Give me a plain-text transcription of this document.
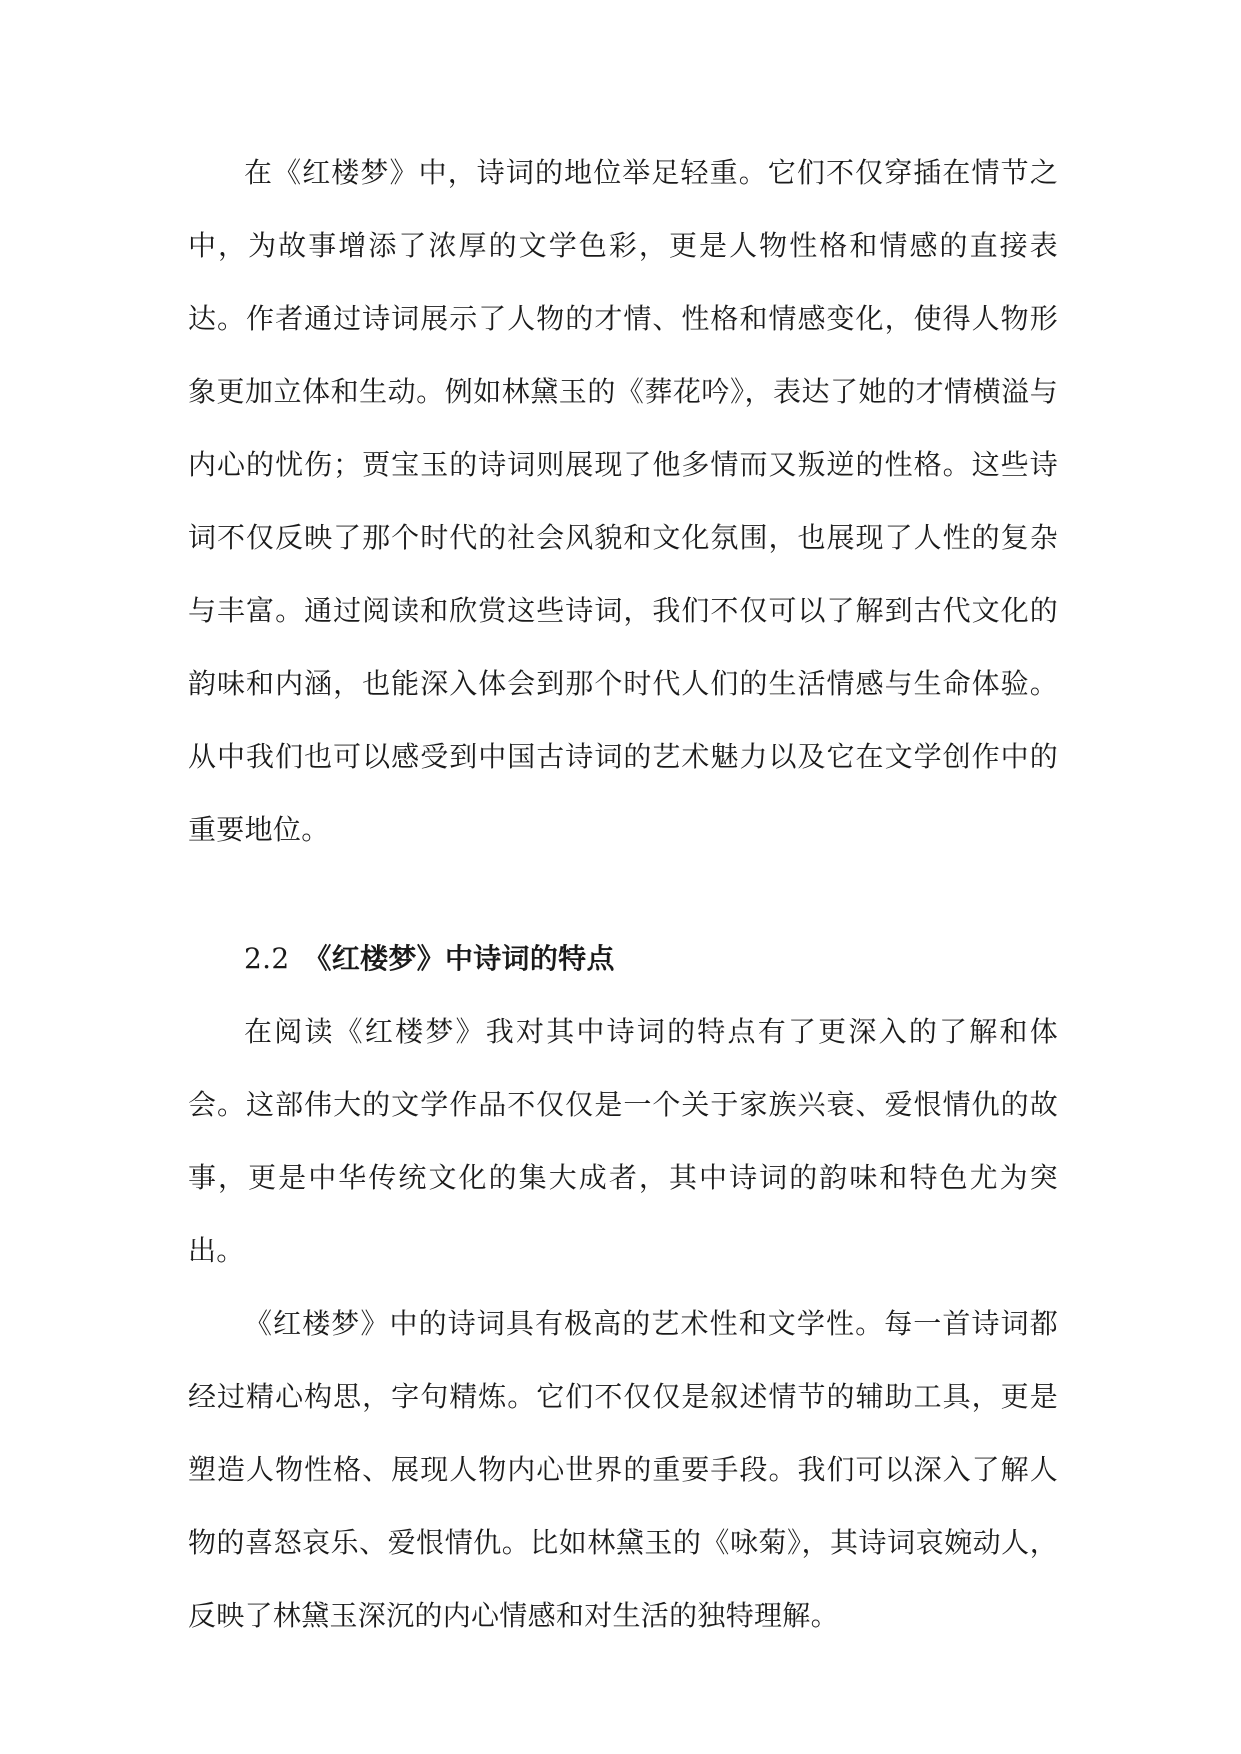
在《红楼梦》中，诗词的地位举足轻重。它们不仅穿插在情节之中，为故事增添了浓厚的文学色彩，更是人物性格和情感的直接表达。作者通过诗词展示了人物的才情、性格和情感变化，使得人物形象更加立体和生动。例如林黛玉的《葬花吟》，表达了她的才情横溢与内心的忧伤；贾宝玉的诗词则展现了他多情而又叛逆的性格。这些诗词不仅反映了那个时代的社会风貌和文化氛围，也展现了人性的复杂与丰富。通过阅读和欣赏这些诗词，我们不仅可以了解到古代文化的韵味和内涵，也能深入体会到那个时代人们的生活情感与生命体验。从中我们也可以感受到中国古诗词的艺术魅力以及它在文学创作中的重要地位。

2.2 《红楼梦》中诗词的特点

在阅读《红楼梦》我对其中诗词的特点有了更深入的了解和体会。这部伟大的文学作品不仅仅是一个关于家族兴衰、爱恨情仇的故事，更是中华传统文化的集大成者，其中诗词的韵味和特色尤为突出。

《红楼梦》中的诗词具有极高的艺术性和文学性。每一首诗词都经过精心构思，字句精炼。它们不仅仅是叙述情节的辅助工具，更是塑造人物性格、展现人物内心世界的重要手段。我们可以深入了解人物的喜怒哀乐、爱恨情仇。比如林黛玉的《咏菊》，其诗词哀婉动人，反映了林黛玉深沉的内心情感和对生活的独特理解。
